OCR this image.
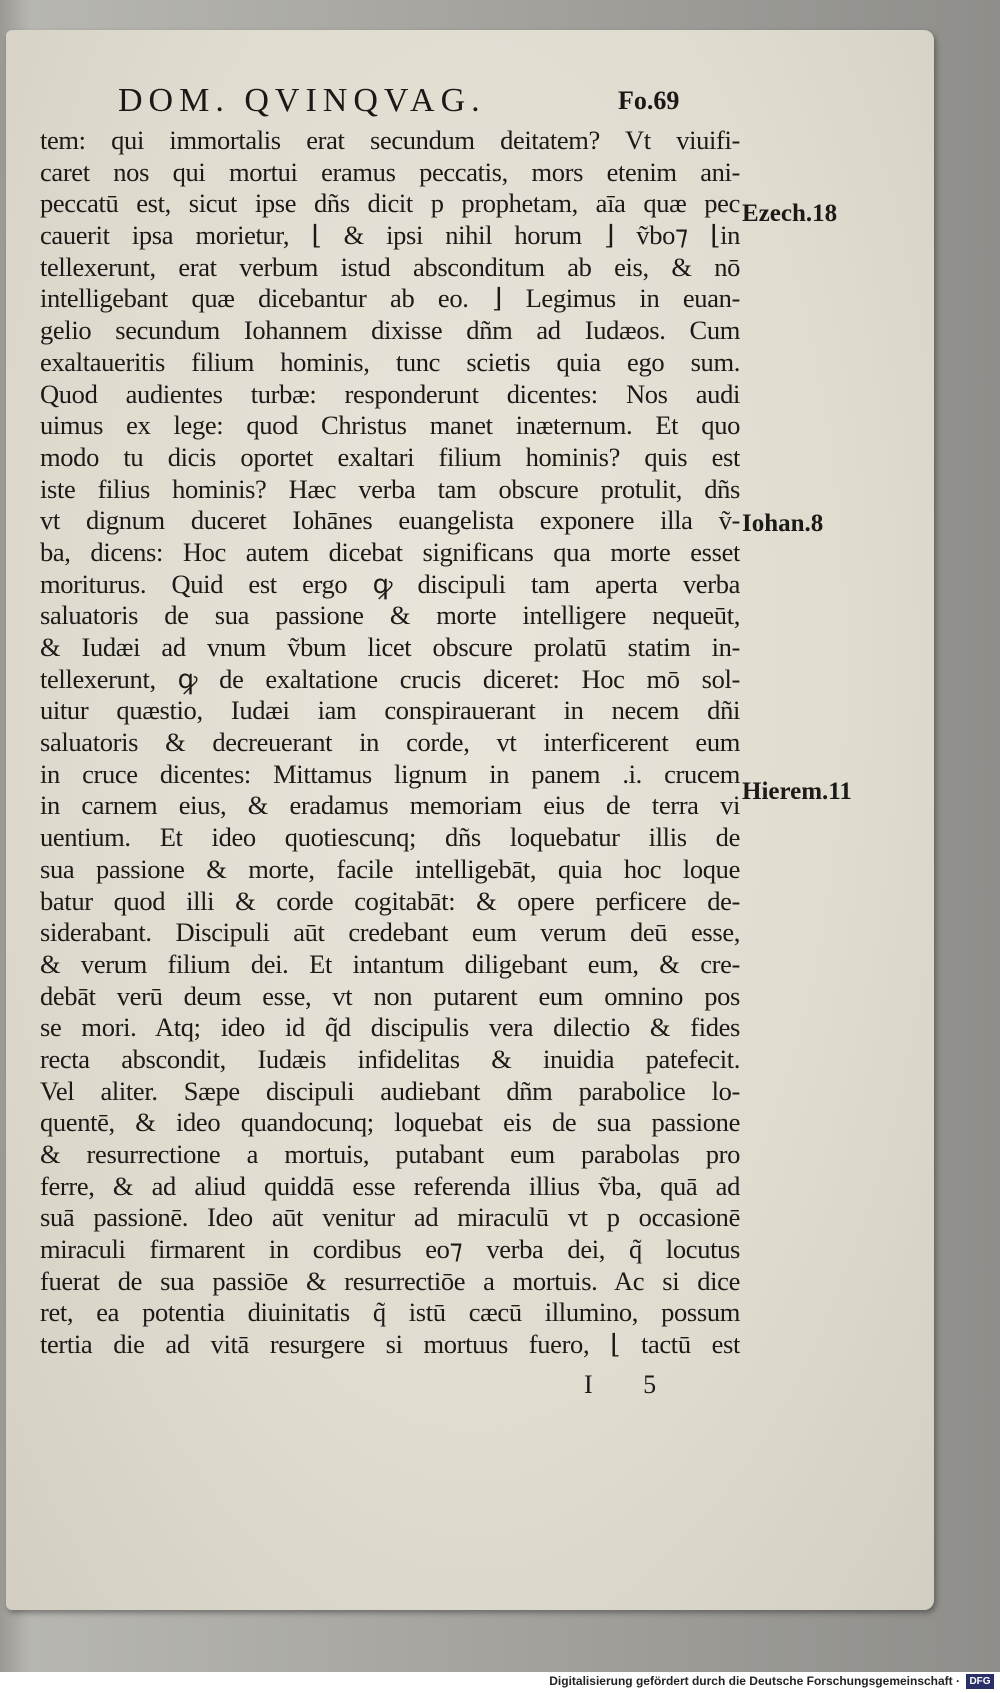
DOM. QVINQVAG.	Fo.69
tem: qui immortalis erat secundum deitatem? Vt viuifi-
caret nos qui mortui eramus peccatis, mors etenim ani-
peccatū est, sicut ipse dñs dicit p prophetam, aīa quæ pec
cauerit ipsa morietur, ⌊ & ipsi nihil horum ⌋ ṽbo⁊ ⌊in
tellexerunt, erat verbum istud absconditum ab eis, & nō
intelligebant quæ dicebantur ab eo. ⌋ Legimus in euan-
gelio secundum Iohannem dixisse dñm ad Iudæos. Cum
exaltaueritis filium hominis, tunc scietis quia ego sum.
Quod audientes turbæ: responderunt dicentes: Nos audi
uimus ex lege: quod Christus manet inæternum. Et quo
modo tu dicis oportet exaltari filium hominis? quis est
iste filius hominis? Hæc verba tam obscure protulit, dñs
vt dignum duceret Iohānes euangelista exponere illa ṽ-
ba, dicens: Hoc autem dicebat significans qua morte esset
moriturus. Quid est ergo ꝙ discipuli tam aperta verba
saluatoris de sua passione & morte intelligere nequeūt,
& Iudæi ad vnum ṽbum licet obscure prolatū statim in-
tellexerunt, ꝙ de exaltatione crucis diceret: Hoc mō sol-
uitur quæstio, Iudæi iam conspirauerant in necem dñi
saluatoris & decreuerant in corde, vt interficerent eum
in cruce dicentes: Mittamus lignum in panem .i. crucem
in carnem eius, & eradamus memoriam eius de terra vi
uentium. Et ideo quotiescunq; dñs loquebatur illis de
sua passione & morte, facile intelligebāt, quia hoc loque
batur quod illi & corde cogitabāt: & opere perficere de-
siderabant. Discipuli aūt credebant eum verum deū esse,
& verum filium dei. Et intantum diligebant eum, & cre-
debāt verū deum esse, vt non putarent eum omnino pos
se mori. Atq; ideo id q̃d discipulis vera dilectio & fides
recta abscondit, Iudæis infidelitas & inuidia patefecit.
Vel aliter. Sæpe discipuli audiebant dñm parabolice lo-
quentē, & ideo quandocunq; loquebat eis de sua passione
& resurrectione a mortuis, putabant eum parabolas pro
ferre, & ad aliud quiddā esse referenda illius ṽba, quā ad
suā passionē. Ideo aūt venitur ad miraculū vt p occasionē
miraculi firmarent in cordibus eo⁊ verba dei, q̃ locutus
fuerat de sua passiōe & resurrectiōe a mortuis. Ac si dice
ret, ea potentia diuinitatis q̃ istū cæcū illumino, possum
tertia die ad vitā resurgere si mortuus fuero, ⌊ tactū est
Ezech.18
Iohan.8
Hierem.11
I 5
Digitalisierung gefördert durch die Deutsche Forschungsgemeinschaft · DFG
